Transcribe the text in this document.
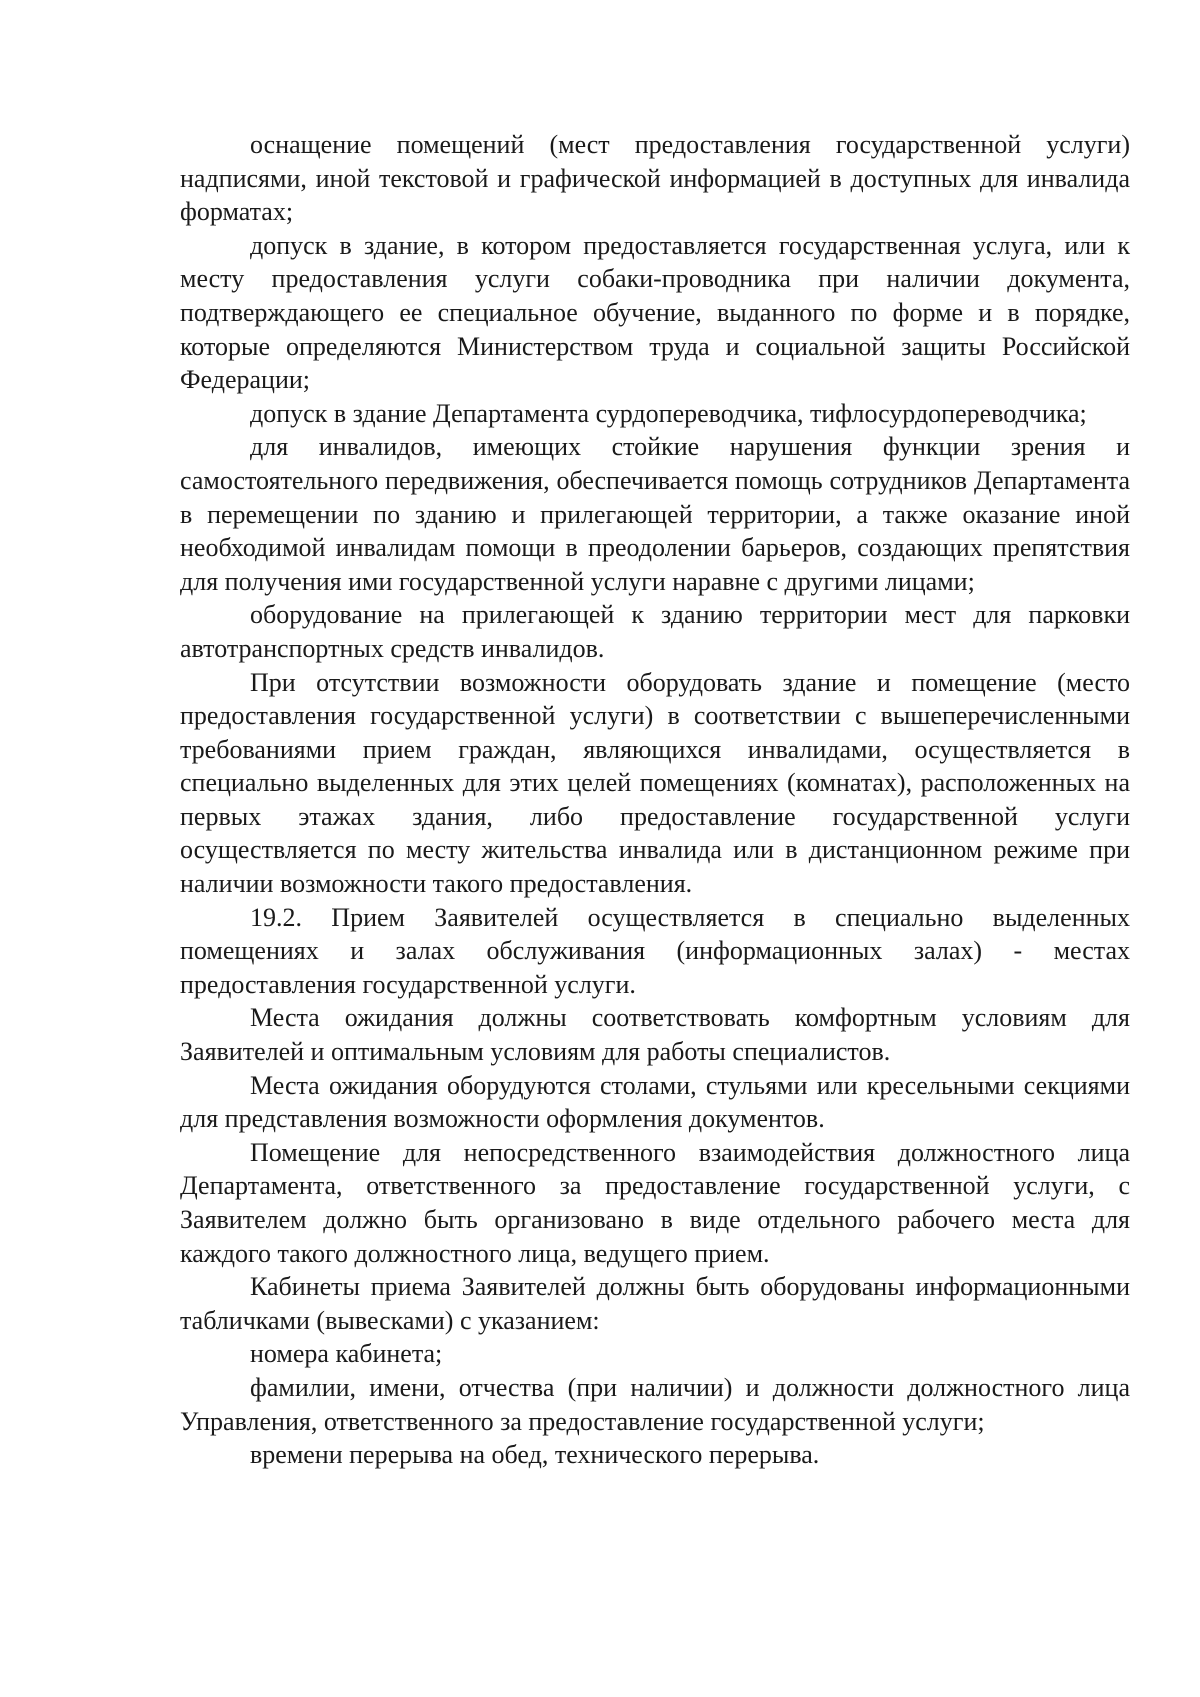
оснащение помещений (мест предоставления государственной услуги) надписями, иной текстовой и графической информацией в доступных для инвалида форматах;

допуск в здание, в котором предоставляется государственная услуга, или к месту предоставления услуги собаки-проводника при наличии документа, подтверждающего ее специальное обучение, выданного по форме и в порядке, которые определяются Министерством труда и социальной защиты Российской Федерации;

допуск в здание Департамента сурдопереводчика, тифлосурдопереводчика;

для инвалидов, имеющих стойкие нарушения функции зрения и самостоятельного передвижения, обеспечивается помощь сотрудников Департамента в перемещении по зданию и прилегающей территории, а также оказание иной необходимой инвалидам помощи в преодолении барьеров, создающих препятствия для получения ими государственной услуги наравне с другими лицами;

оборудование на прилегающей к зданию территории мест для парковки автотранспортных средств инвалидов.

При отсутствии возможности оборудовать здание и помещение (место предоставления государственной услуги) в соответствии с вышеперечисленными требованиями прием граждан, являющихся инвалидами, осуществляется в специально выделенных для этих целей помещениях (комнатах), расположенных на первых этажах здания, либо предоставление государственной услуги осуществляется по месту жительства инвалида или в дистанционном режиме при наличии возможности такого предоставления.

19.2. Прием Заявителей осуществляется в специально выделенных помещениях и залах обслуживания (информационных залах) - местах предоставления государственной услуги.

Места ожидания должны соответствовать комфортным условиям для Заявителей и оптимальным условиям для работы специалистов.

Места ожидания оборудуются столами, стульями или кресельными секциями для представления возможности оформления документов.

Помещение для непосредственного взаимодействия должностного лица Департамента, ответственного за предоставление государственной услуги, с Заявителем должно быть организовано в виде отдельного рабочего места для каждого такого должностного лица, ведущего прием.

Кабинеты приема Заявителей должны быть оборудованы информационными табличками (вывесками) с указанием:

номера кабинета;

фамилии, имени, отчества (при наличии) и должности должностного лица Управления, ответственного за предоставление государственной услуги;

времени перерыва на обед, технического перерыва.
